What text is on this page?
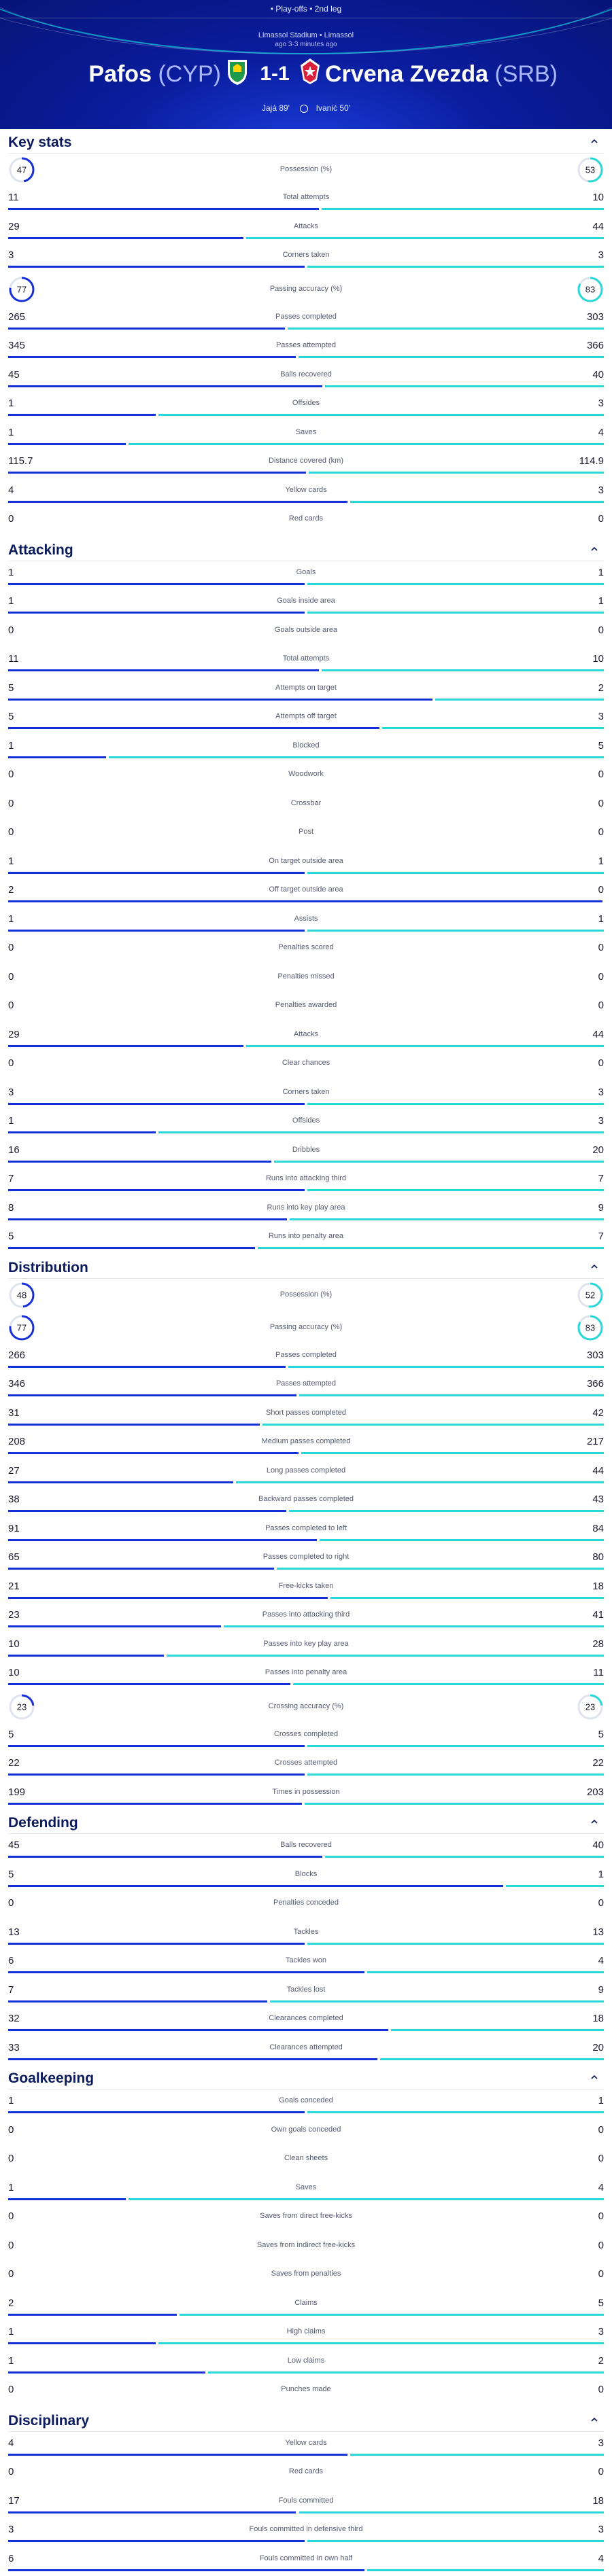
• Play-offs • 2nd leg
Limassol Stadium • Limassol
ago 3·3 minutes ago
Pafos (CYP) 1-1 Crvena Zvezda (SRB)
Jajá 89'	Ivanić 50'
Key stats
47	53
Possession (%)
11	10
Total attempts
29	44
Attacks
3	3
Corners taken
77	83
Passing accuracy (%)
265	303
Passes completed
345	366
Passes attempted
45	40
Balls recovered
1	3
Offsides
1	4
Saves
115.7	114.9
Distance covered (km)
4	3
Yellow cards
0	0
Red cards
Attacking
1	1
Goals
1	1
Goals inside area
0	0
Goals outside area
11	10
Total attempts
5	2
Attempts on target
5	3
Attempts off target
1	5
Blocked
0	0
Woodwork
0	0
Crossbar
0	0
Post
1	1
On target outside area
2	0
Off target outside area
1	1
Assists
0	0
Penalties scored
0	0
Penalties missed
0	0
Penalties awarded
29	44
Attacks
0	0
Clear chances
3	3
Corners taken
1	3
Offsides
16	20
Dribbles
7	7
Runs into attacking third
8	9
Runs into key play area
5	7
Runs into penalty area
Distribution
48	52
Possession (%)
77	83
Passing accuracy (%)
266	303
Passes completed
346	366
Passes attempted
31	42
Short passes completed
208	217
Medium passes completed
27	44
Long passes completed
38	43
Backward passes completed
91	84
Passes completed to left
65	80
Passes completed to right
21	18
Free-kicks taken
23	41
Passes into attacking third
10	28
Passes into key play area
10	11
Passes into penalty area
23	23
Crossing accuracy (%)
5	5
Crosses completed
22	22
Crosses attempted
199	203
Times in possession
Defending
45	40
Balls recovered
5	1
Blocks
0	0
Penalties conceded
13	13
Tackles
6	4
Tackles won
7	9
Tackles lost
32	18
Clearances completed
33	20
Clearances attempted
Goalkeeping
1	1
Goals conceded
0	0
Own goals conceded
0	0
Clean sheets
1	4
Saves
0	0
Saves from direct free-kicks
0	0
Saves from indirect free-kicks
0	0
Saves from penalties
2	5
Claims
1	3
High claims
1	2
Low claims
0	0
Punches made
Disciplinary
4	3
Yellow cards
0	0
Red cards
17	18
Fouls committed
3	3
Fouls committed in defensive third
6	4
Fouls committed in own half
